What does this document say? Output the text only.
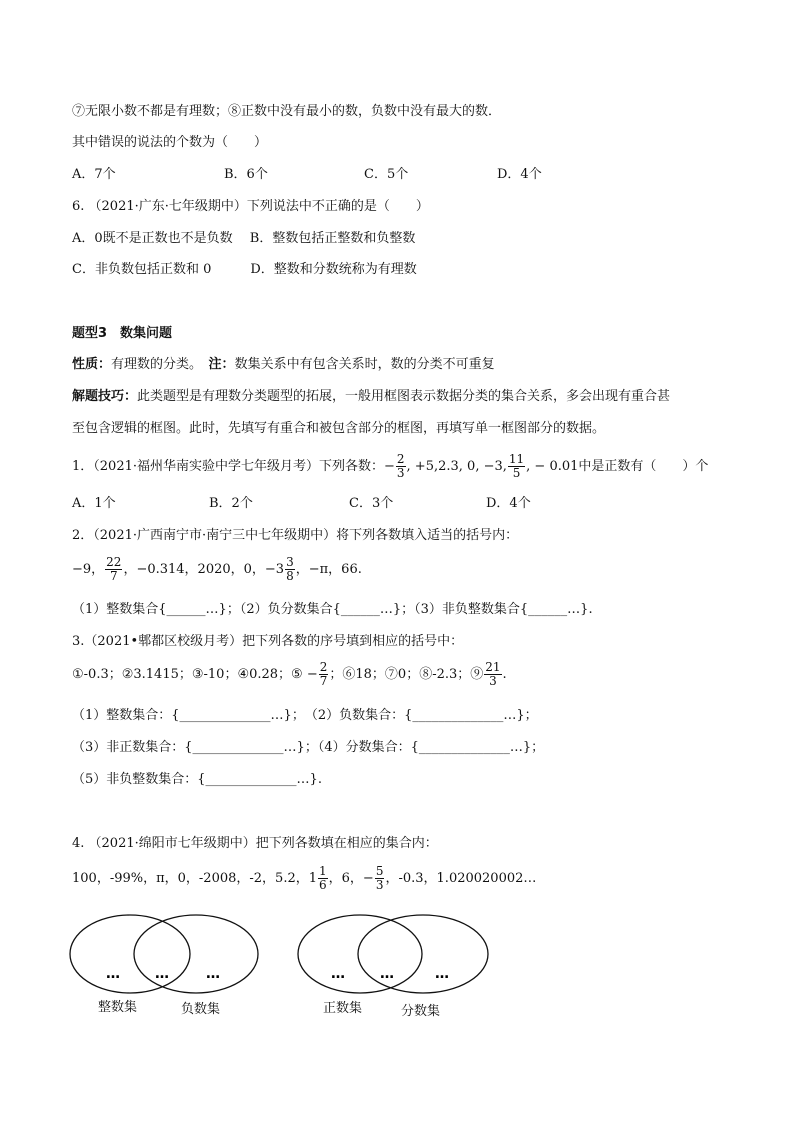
⑦无限小数不都是有理数；⑧正数中没有最小的数，负数中没有最大的数．
其中错误的说法的个数为（　　）
A．7个	B．6个	C．5个	D．4个
6. （2021·广东·七年级期中）下列说法中不正确的是（　　）
A．0既不是正数也不是负数　 B．整数包括正整数和负整数
C．非负数包括正数和 0　　　D．整数和分数统称为有理数
题型3　数集问题
性质：有理数的分类。　 注：数集关系中有包含关系时，数的分类不可重复
解题技巧：此类题型是有理数分类题型的拓展，一般用框图表示数据分类的集合关系，多会出现有重合甚
至包含逻辑的框图。此时，先填写有重合和被包含部分的框图，再填写单一框图部分的数据。
1．（2021·福州华南实验中学七年级月考）下列各数：− $\frac{2}{3}$ , +5,2.3, 0, −3, $\frac{11}{5}$ , − 0.01中是正数有（　　）个
A．1个	B．2个	C．3个	D．4个
2．（2021·广西南宁市·南宁三中七年级期中）将下列各数填入适当的括号内：
−9， $\frac{22}{7}$ ，−0.314，2020，0，$-3 \frac{3}{8}$ ，−π，66.
（1）整数集合{______…}；（2）负分数集合{______…}；（3）非负整数集合{______…}.
3.（2021•郫都区校级月考）把下列各数的序号填到相应的括号中：
①-0.3；②3.1415；③-10；④0.28；⑤ − $\frac{2}{7}$ ；⑥18；⑦0；⑧-2.3；⑨ $\frac{21}{3}$ .
（1）整数集合：{______________…}；　（2）负数集合：{______________…}；
（3）非正数集合：{______________…}；（4）分数集合：{______________…}；
（5）非负整数集合：{______________…}.
4. （2021·绵阳市七年级期中）把下列各数填在相应的集合内：
100，-99%，π，0，-2008，-2，5.2，$1 \frac{1}{6}$ ，6，− $\frac{5}{3}$ ，-0.3，1.020020002…
…	…	…
整数集	负数集
…	…	…
正数集	分数集
